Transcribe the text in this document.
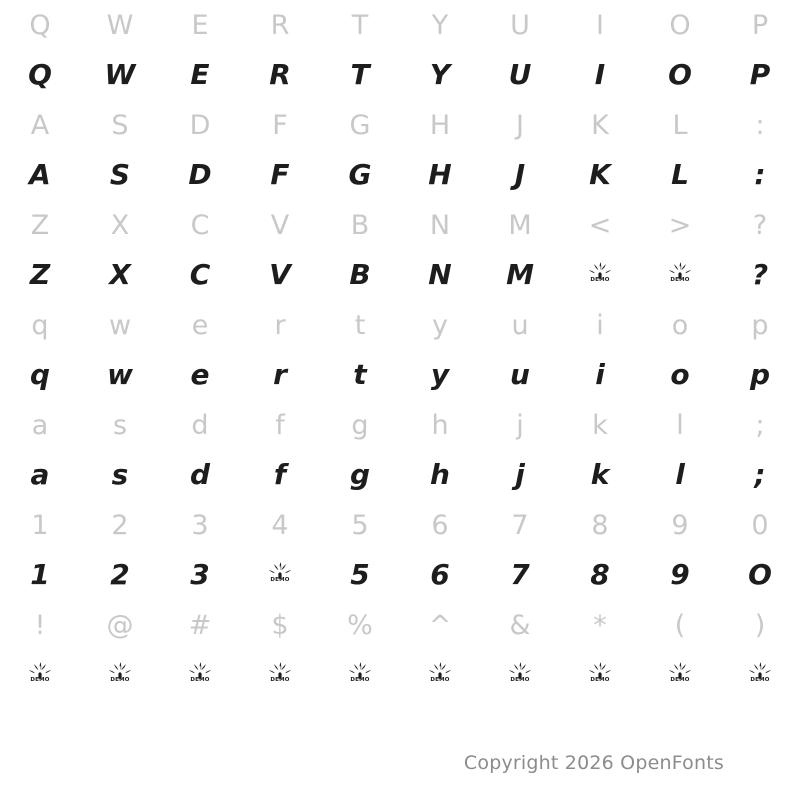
Q W E R T Y U I O P
Q W E R T Y U I O P
A S D F G H J K L	:
A S D F G H J K L :
Z X C V B N M < > ?
Z X C V B N M	DEMO	DEMO ?
q w e r	t y u	i	o p
q w e r t y u i o p
a s d f g h	j	k	l	;
a s d f g h j k l ;
1 2 3 4 5 6 7 8 9 0
1 2 3	DEMO 5 6 7 8 9 O
! @ # $ % ^ & *	(	)
DEMO	DEMO	DEMO	DEMO	DEMO	DEMO	DEMO	DEMO	DEMO	DEMO
Copyright 2026 OpenFonts
